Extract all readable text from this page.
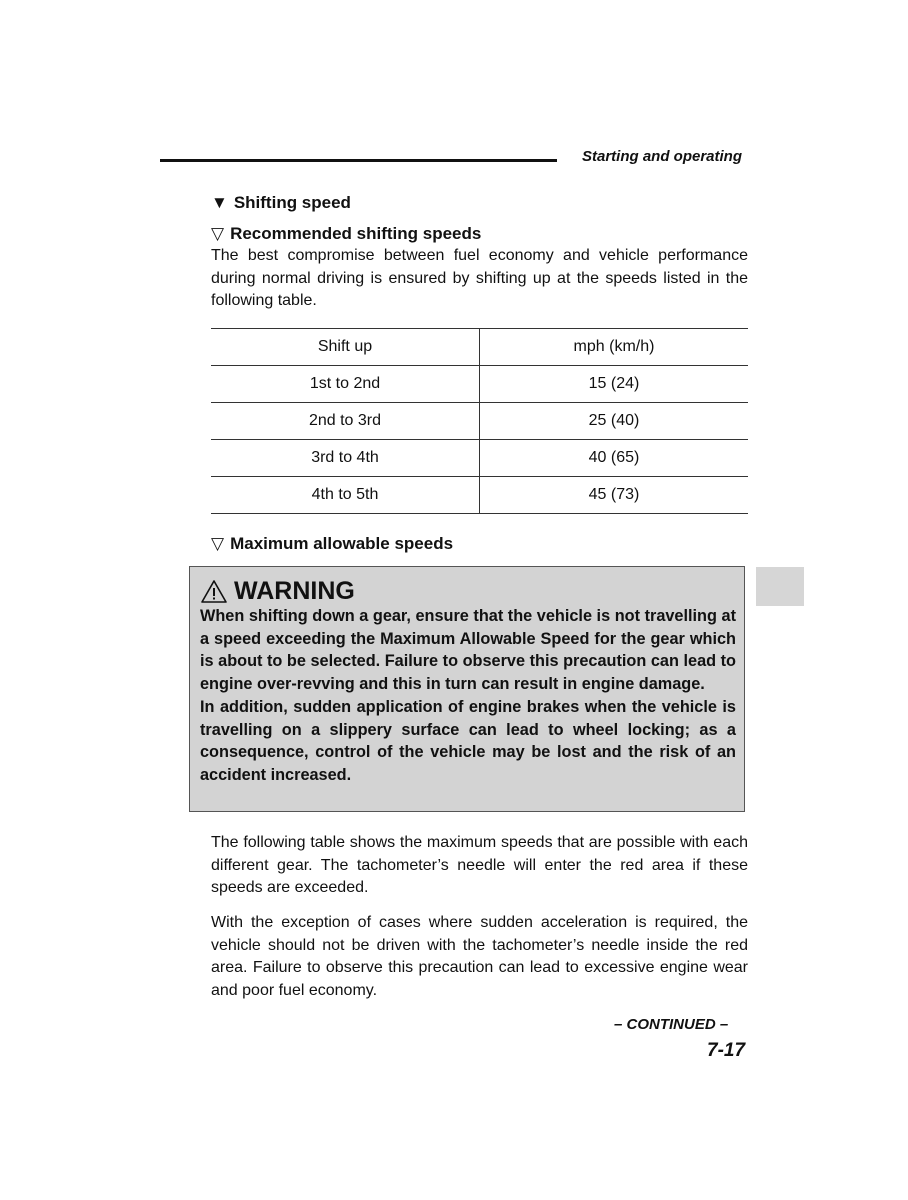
Starting and operating
▼ Shifting speed
▽ Recommended shifting speeds

The best compromise between fuel economy and vehicle performance during normal driving is ensured by shifting up at the speeds listed in the following table.

Shift up	mph (km/h)
1st to 2nd	15 (24)
2nd to 3rd	25 (40)
3rd to 4th	40 (65)
4th to 5th	45 (73)
▽ Maximum allowable speeds

The following table shows the maximum speeds that are possible with each different gear. The tachometer’s needle will enter the red area if these speeds are exceeded.

With the exception of cases where sudden acceleration is required, the vehicle should not be driven with the tachometer’s needle inside the red area. Failure to observe this precaution can lead to excessive engine wear and poor fuel economy.

WARNING
When shifting down a gear, ensure that the vehicle is not travelling at a speed exceeding the Maximum Allowable Speed for the gear which is about to be selected. Failure to observe this precaution can lead to engine over-revving and this in turn can result in engine damage.
In addition, sudden application of engine brakes when the vehicle is travelling on a slippery surface can lead to wheel locking; as a consequence, control of the vehicle may be lost and the risk of an accident increased.
– CONTINUED –
7-17
